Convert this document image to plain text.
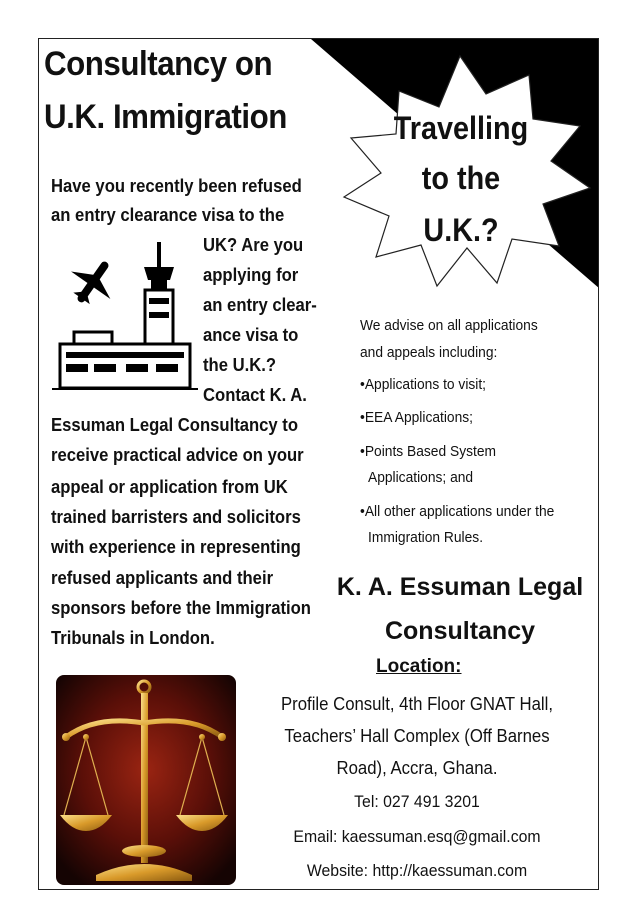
Consultancy on
U.K. Immigration	Travelling
to the
U.K.?
Have you recently been refused
an entry clearance visa to the
UK? Are you
applying for
an entry clear-
ance visa to
the U.K.?
Contact K. A.
Essuman Legal Consultancy to
receive practical advice on your
appeal or application from UK
trained barristers and solicitors
with experience in representing
refused applicants and their
sponsors before the Immigration
Tribunals in London.
We advise on all applications
and appeals including:
•Applications to visit;
•EEA Applications;
•Points Based System
Applications; and
•All other applications under the
Immigration Rules.
K. A. Essuman Legal
Consultancy
Location:
Profile Consult, 4th Floor GNAT Hall,
Teachers’ Hall Complex (Off Barnes
Road), Accra, Ghana.
Tel: 027 491 3201
Email: kaessuman.esq@gmail.com
Website: http://kaessuman.com
